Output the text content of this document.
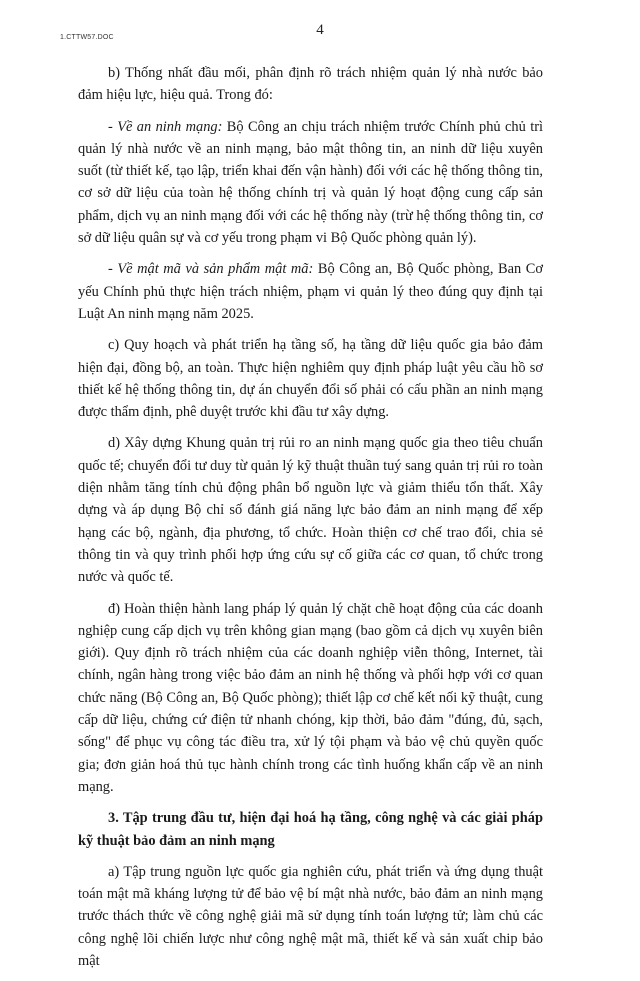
1.CTTW57.DOC	4

b) Thống nhất đầu mối, phân định rõ trách nhiệm quản lý nhà nước bảo đảm hiệu lực, hiệu quả. Trong đó:

- Về an ninh mạng: Bộ Công an chịu trách nhiệm trước Chính phủ chủ trì quản lý nhà nước về an ninh mạng, bảo mật thông tin, an ninh dữ liệu xuyên suốt (từ thiết kế, tạo lập, triển khai đến vận hành) đối với các hệ thống thông tin, cơ sở dữ liệu của toàn hệ thống chính trị và quản lý hoạt động cung cấp sản phẩm, dịch vụ an ninh mạng đối với các hệ thống này (trừ hệ thống thông tin, cơ sở dữ liệu quân sự và cơ yếu trong phạm vi Bộ Quốc phòng quản lý).

- Về mật mã và sản phẩm mật mã: Bộ Công an, Bộ Quốc phòng, Ban Cơ yếu Chính phủ thực hiện trách nhiệm, phạm vi quản lý theo đúng quy định tại Luật An ninh mạng năm 2025.

c) Quy hoạch và phát triển hạ tầng số, hạ tầng dữ liệu quốc gia bảo đảm hiện đại, đồng bộ, an toàn. Thực hiện nghiêm quy định pháp luật yêu cầu hồ sơ thiết kế hệ thống thông tin, dự án chuyển đổi số phải có cấu phần an ninh mạng được thẩm định, phê duyệt trước khi đầu tư xây dựng.

d) Xây dựng Khung quản trị rủi ro an ninh mạng quốc gia theo tiêu chuẩn quốc tế; chuyển đổi tư duy từ quản lý kỹ thuật thuần tuý sang quản trị rủi ro toàn diện nhằm tăng tính chủ động phân bổ nguồn lực và giảm thiểu tổn thất. Xây dựng và áp dụng Bộ chỉ số đánh giá năng lực bảo đảm an ninh mạng để xếp hạng các bộ, ngành, địa phương, tổ chức. Hoàn thiện cơ chế trao đổi, chia sẻ thông tin và quy trình phối hợp ứng cứu sự cố giữa các cơ quan, tổ chức trong nước và quốc tế.

đ) Hoàn thiện hành lang pháp lý quản lý chặt chẽ hoạt động của các doanh nghiệp cung cấp dịch vụ trên không gian mạng (bao gồm cả dịch vụ xuyên biên giới). Quy định rõ trách nhiệm của các doanh nghiệp viễn thông, Internet, tài chính, ngân hàng trong việc bảo đảm an ninh hệ thống và phối hợp với cơ quan chức năng (Bộ Công an, Bộ Quốc phòng); thiết lập cơ chế kết nối kỹ thuật, cung cấp dữ liệu, chứng cứ điện tử nhanh chóng, kịp thời, bảo đảm "đúng, đủ, sạch, sống" để phục vụ công tác điều tra, xử lý tội phạm và bảo vệ chủ quyền quốc gia; đơn giản hoá thủ tục hành chính trong các tình huống khẩn cấp về an ninh mạng.

3. Tập trung đầu tư, hiện đại hoá hạ tầng, công nghệ và các giải pháp kỹ thuật bảo đảm an ninh mạng

a) Tập trung nguồn lực quốc gia nghiên cứu, phát triển và ứng dụng thuật toán mật mã kháng lượng tử để bảo vệ bí mật nhà nước, bảo đảm an ninh mạng trước thách thức về công nghệ giải mã sử dụng tính toán lượng tử; làm chủ các công nghệ lõi chiến lược như công nghệ mật mã, thiết kế và sản xuất chip bảo mật
